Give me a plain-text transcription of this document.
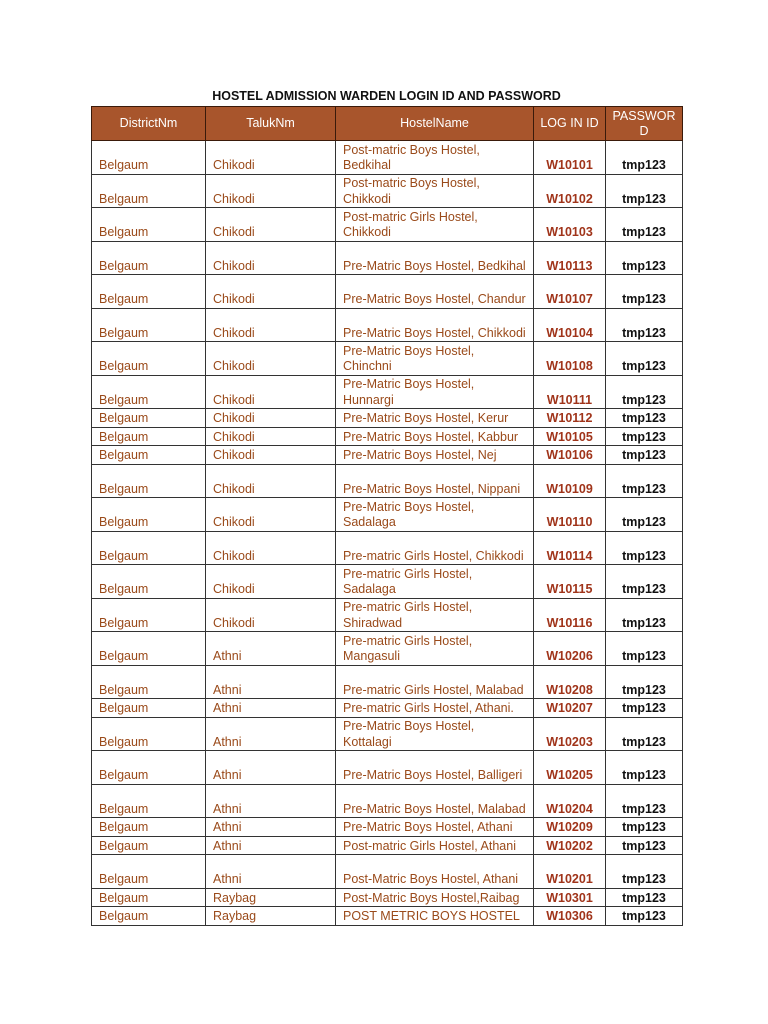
HOSTEL ADMISSION WARDEN LOGIN ID AND PASSWORD
DistrictNm	TalukNm	HostelName	LOG IN ID	PASSWOR D
Belgaum	Chikodi	Post-matric Boys Hostel, Bedkihal	W10101	tmp123
Belgaum	Chikodi	Post-matric Boys Hostel, Chikkodi	W10102	tmp123
Belgaum	Chikodi	Post-matric Girls Hostel, Chikkodi	W10103	tmp123
Belgaum	Chikodi	Pre-Matric Boys Hostel, Bedkihal	W10113	tmp123
Belgaum	Chikodi	Pre-Matric Boys Hostel, Chandur	W10107	tmp123
Belgaum	Chikodi	Pre-Matric Boys Hostel, Chikkodi	W10104	tmp123
Belgaum	Chikodi	Pre-Matric Boys Hostel, Chinchni	W10108	tmp123
Belgaum	Chikodi	Pre-Matric Boys Hostel, Hunnargi	W10111	tmp123
Belgaum	Chikodi	Pre-Matric Boys Hostel, Kerur	W10112	tmp123
Belgaum	Chikodi	Pre-Matric Boys Hostel, Kabbur	W10105	tmp123
Belgaum	Chikodi	Pre-Matric Boys Hostel, Nej	W10106	tmp123
Belgaum	Chikodi	Pre-Matric Boys Hostel, Nippani	W10109	tmp123
Belgaum	Chikodi	Pre-Matric Boys Hostel, Sadalaga	W10110	tmp123
Belgaum	Chikodi	Pre-matric Girls Hostel, Chikkodi	W10114	tmp123
Belgaum	Chikodi	Pre-matric Girls Hostel, Sadalaga	W10115	tmp123
Belgaum	Chikodi	Pre-matric Girls Hostel, Shiradwad	W10116	tmp123
Belgaum	Athni	Pre-matric Girls Hostel, Mangasuli	W10206	tmp123
Belgaum	Athni	Pre-matric Girls Hostel, Malabad	W10208	tmp123
Belgaum	Athni	Pre-matric Girls Hostel, Athani.	W10207	tmp123
Belgaum	Athni	Pre-Matric Boys Hostel, Kottalagi	W10203	tmp123
Belgaum	Athni	Pre-Matric Boys Hostel, Balligeri	W10205	tmp123
Belgaum	Athni	Pre-Matric Boys Hostel, Malabad	W10204	tmp123
Belgaum	Athni	Pre-Matric Boys Hostel, Athani	W10209	tmp123
Belgaum	Athni	Post-matric Girls Hostel, Athani	W10202	tmp123
Belgaum	Athni	Post-Matric Boys Hostel, Athani	W10201	tmp123
Belgaum	Raybag	Post-Matric Boys Hostel,Raibag	W10301	tmp123
Belgaum	Raybag	POST METRIC BOYS HOSTEL	W10306	tmp123
